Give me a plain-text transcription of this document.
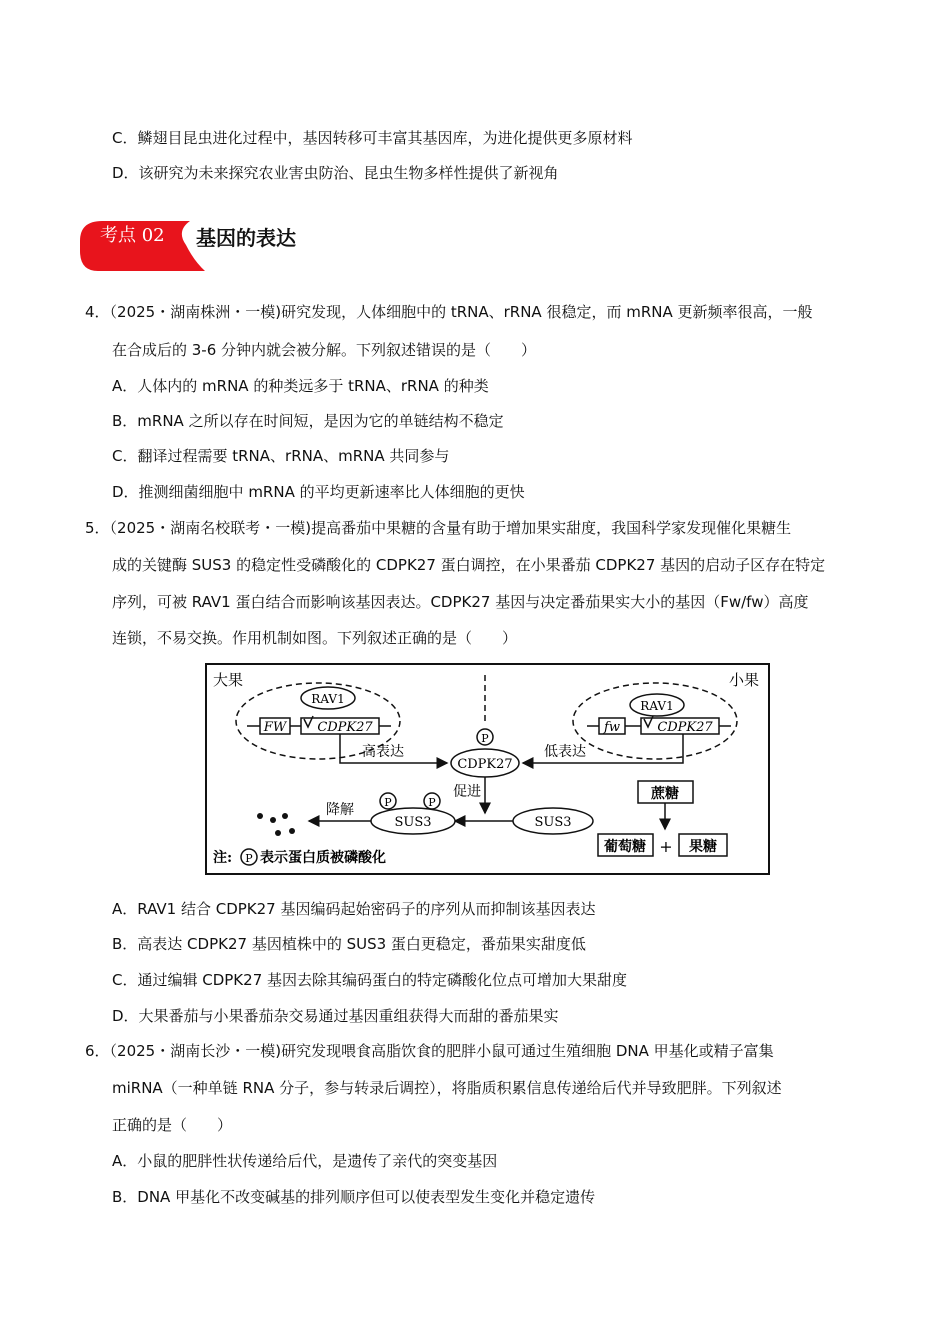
C．鳞翅目昆虫进化过程中，基因转移可丰富其基因库，为进化提供更多原材料
D．该研究为未来探究农业害虫防治、昆虫生物多样性提供了新视角
考点 02 基因的表达
4．（2025・湖南株洲・一模)研究发现，人体细胞中的 tRNA、rRNA 很稳定，而 mRNA 更新频率很高，一般
在合成后的 3-6 分钟内就会被分解。下列叙述错误的是（　　）
A．人体内的 mRNA 的种类远多于 tRNA、rRNA 的种类
B．mRNA 之所以存在时间短，是因为它的单链结构不稳定
C．翻译过程需要 tRNA、rRNA、mRNA 共同参与
D．推测细菌细胞中 mRNA 的平均更新速率比人体细胞的更快
5．（2025・湖南名校联考・一模)提高番茄中果糖的含量有助于增加果实甜度，我国科学家发现催化果糖生
成的关键酶 SUS3 的稳定性受磷酸化的 CDPK27 蛋白调控，在小果番茄 CDPK27 基因的启动子区存在特定
序列，可被 RAV1 蛋白结合而影响该基因表达。CDPK27 基因与决定番茄果实大小的基因（Fw/fw）高度
连锁，不易交换。作用机制如图。下列叙述正确的是（　　）
大果	小果
RAV1
FW CDPK27
高表达
P
CDPK27
RAV1
fw	CDPK27
低表达
促进
SUS3
SUS3
P	P
降解
蔗糖
葡萄糖 + 果糖
注: P 表示蛋白质被磷酸化
A．RAV1 结合 CDPK27 基因编码起始密码子的序列从而抑制该基因表达
B．高表达 CDPK27 基因植株中的 SUS3 蛋白更稳定，番茄果实甜度低
C．通过编辑 CDPK27 基因去除其编码蛋白的特定磷酸化位点可增加大果甜度
D．大果番茄与小果番茄杂交易通过基因重组获得大而甜的番茄果实
6．（2025・湖南长沙・一模)研究发现喂食高脂饮食的肥胖小鼠可通过生殖细胞 DNA 甲基化或精子富集
miRNA（一种单链 RNA 分子，参与转录后调控），将脂质积累信息传递给后代并导致肥胖。下列叙述
正确的是（　　）
A．小鼠的肥胖性状传递给后代，是遗传了亲代的突变基因
B．DNA 甲基化不改变碱基的排列顺序但可以使表型发生变化并稳定遗传
